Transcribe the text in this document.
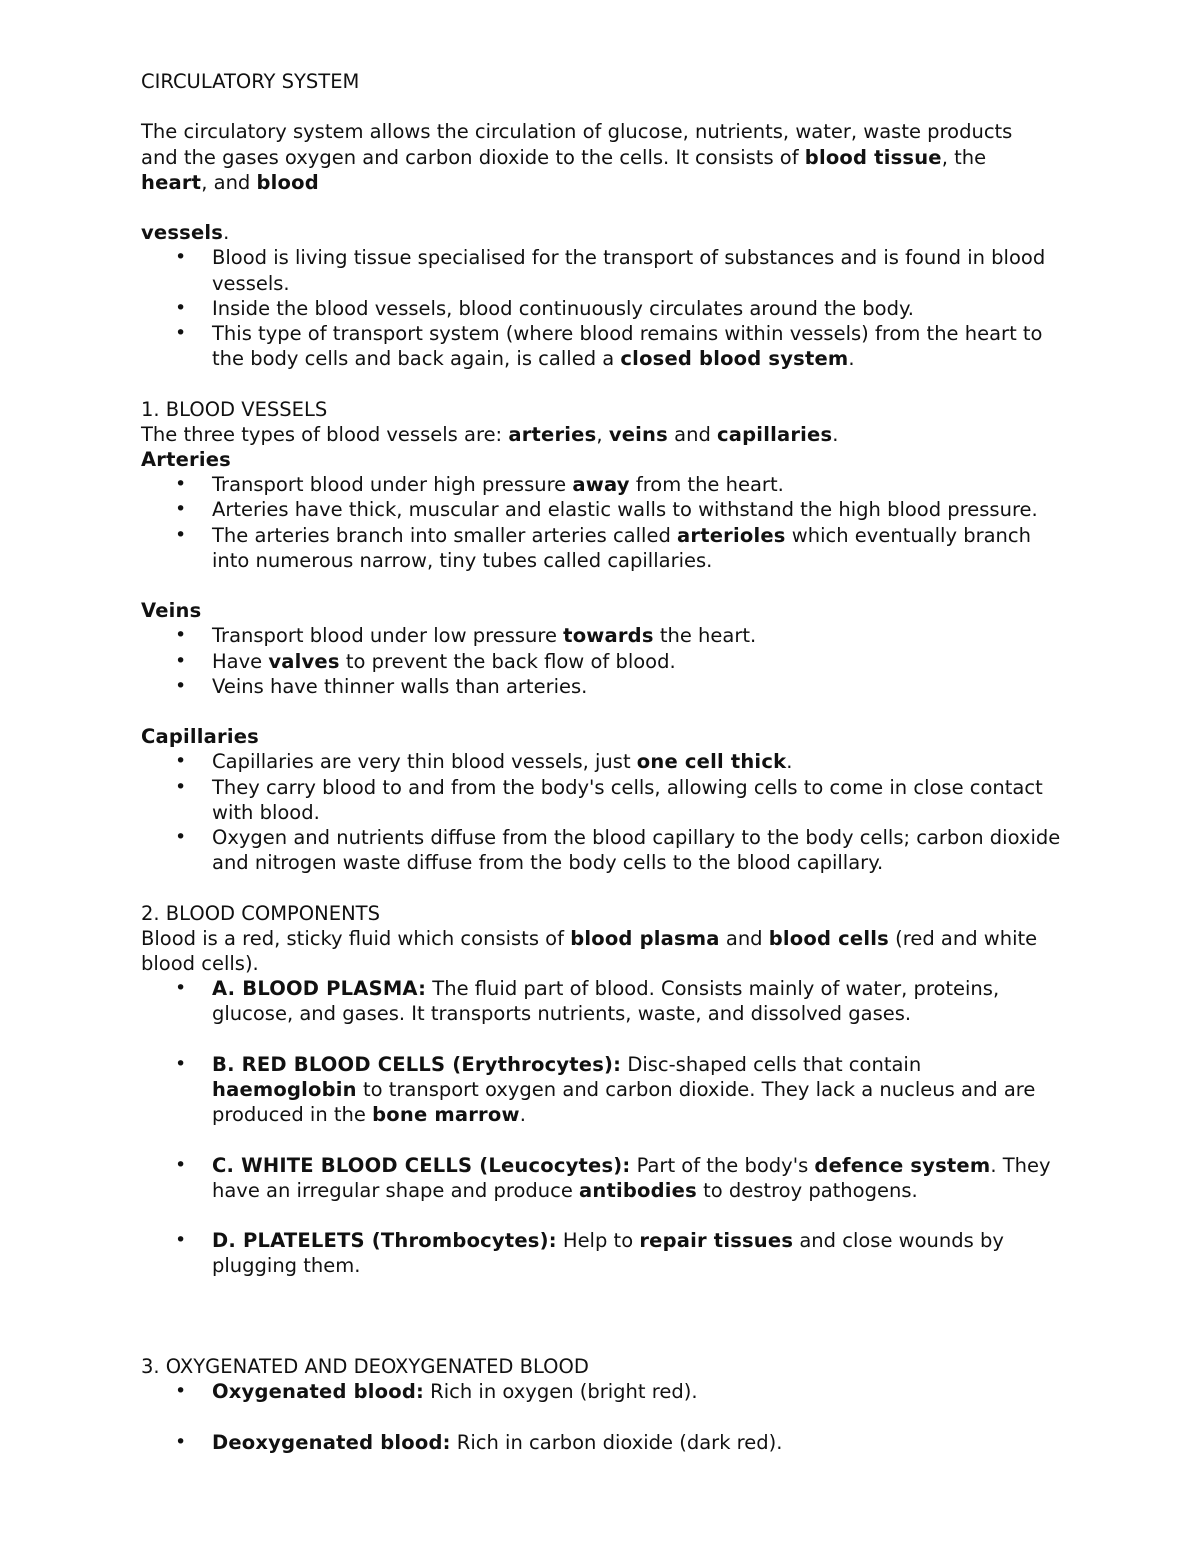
CIRCULATORY SYSTEM

The circulatory system allows the circulation of glucose, nutrients, water, waste products and the gases oxygen and carbon dioxide to the cells. It consists of blood tissue, the heart, and blood

vessels.

• Blood is living tissue specialised for the transport of substances and is found in blood vessels.
• Inside the blood vessels, blood continuously circulates around the body.
• This type of transport system (where blood remains within vessels) from the heart to the body cells and back again, is called a closed blood system.

1. BLOOD VESSELS

The three types of blood vessels are: arteries, veins and capillaries.

Arteries

• Transport blood under high pressure away from the heart.
• Arteries have thick, muscular and elastic walls to withstand the high blood pressure.
• The arteries branch into smaller arteries called arterioles which eventually branch into numerous narrow, tiny tubes called capillaries.

Veins

• Transport blood under low pressure towards the heart.
• Have valves to prevent the back flow of blood.
• Veins have thinner walls than arteries.

Capillaries

• Capillaries are very thin blood vessels, just one cell thick.
• They carry blood to and from the body's cells, allowing cells to come in close contact with blood.
• Oxygen and nutrients diffuse from the blood capillary to the body cells; carbon dioxide and nitrogen waste diffuse from the body cells to the blood capillary.

2. BLOOD COMPONENTS

Blood is a red, sticky fluid which consists of blood plasma and blood cells (red and white blood cells).

• A. BLOOD PLASMA: The fluid part of blood. Consists mainly of water, proteins, glucose, and gases. It transports nutrients, waste, and dissolved gases.
• B. RED BLOOD CELLS (Erythrocytes): Disc-shaped cells that contain haemoglobin to transport oxygen and carbon dioxide. They lack a nucleus and are produced in the bone marrow.
• C. WHITE BLOOD CELLS (Leucocytes): Part of the body's defence system. They have an irregular shape and produce antibodies to destroy pathogens.
• D. PLATELETS (Thrombocytes): Help to repair tissues and close wounds by plugging them.

3. OXYGENATED AND DEOXYGENATED BLOOD

• Oxygenated blood: Rich in oxygen (bright red).
• Deoxygenated blood: Rich in carbon dioxide (dark red).
